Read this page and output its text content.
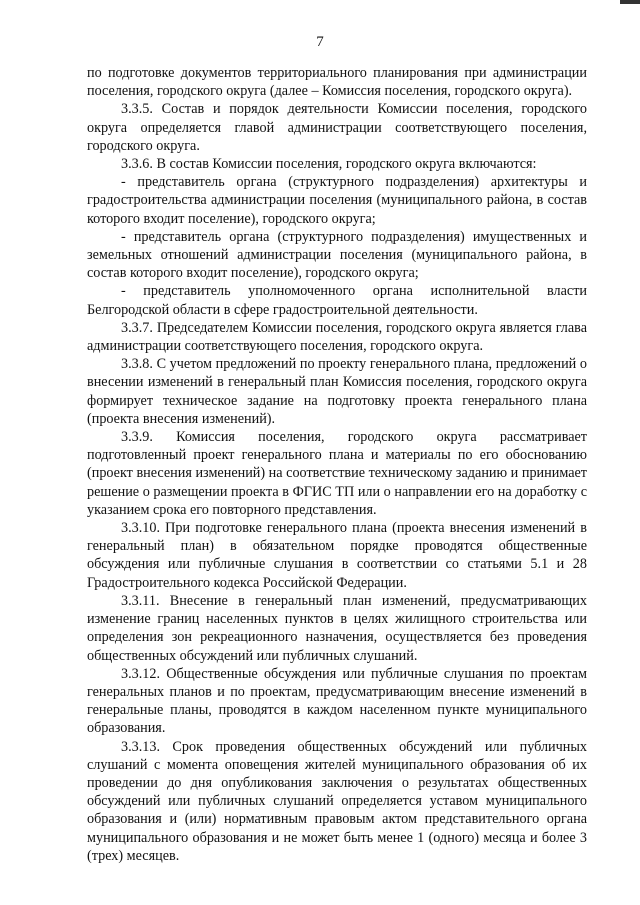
7

по подготовке документов территориального планирования при администрации поселения, городского округа (далее – Комиссия поселения, городского округа).

3.3.5. Состав и порядок деятельности Комиссии поселения, городского округа определяется главой администрации соответствующего поселения, городского округа.

3.3.6. В состав Комиссии поселения, городского округа включаются:

- представитель органа (структурного подразделения) архитектуры и градостроительства администрации поселения (муниципального района, в состав которого входит поселение), городского округа;

- представитель органа (структурного подразделения) имущественных и земельных отношений администрации поселения (муниципального района, в состав которого входит поселение), городского округа;

- представитель уполномоченного органа исполнительной власти Белгородской области в сфере градостроительной деятельности.

3.3.7. Председателем Комиссии поселения, городского округа является глава администрации соответствующего поселения, городского округа.

3.3.8. С учетом предложений по проекту генерального плана, предложений о внесении изменений в генеральный план Комиссия поселения, городского округа формирует техническое задание на подготовку проекта генерального плана (проекта внесения изменений).

3.3.9. Комиссия поселения, городского округа рассматривает подготовленный проект генерального плана и материалы по его обоснованию (проект внесения изменений) на соответствие техническому заданию и принимает решение о размещении проекта в ФГИС ТП или о направлении его на доработку с указанием срока его повторного представления.

3.3.10. При подготовке генерального плана (проекта внесения изменений в генеральный план) в обязательном порядке проводятся общественные обсуждения или публичные слушания в соответствии со статьями 5.1 и 28 Градостроительного кодекса Российской Федерации.

3.3.11. Внесение в генеральный план изменений, предусматривающих изменение границ населенных пунктов в целях жилищного строительства или определения зон рекреационного назначения, осуществляется без проведения общественных обсуждений или публичных слушаний.

3.3.12. Общественные обсуждения или публичные слушания по проектам генеральных планов и по проектам, предусматривающим внесение изменений в генеральные планы, проводятся в каждом населенном пункте муниципального образования.

3.3.13. Срок проведения общественных обсуждений или публичных слушаний с момента оповещения жителей муниципального образования об их проведении до дня опубликования заключения о результатах общественных обсуждений или публичных слушаний определяется уставом муниципального образования и (или) нормативным правовым актом представительного органа муниципального образования и не может быть менее 1 (одного) месяца и более 3 (трех) месяцев.
